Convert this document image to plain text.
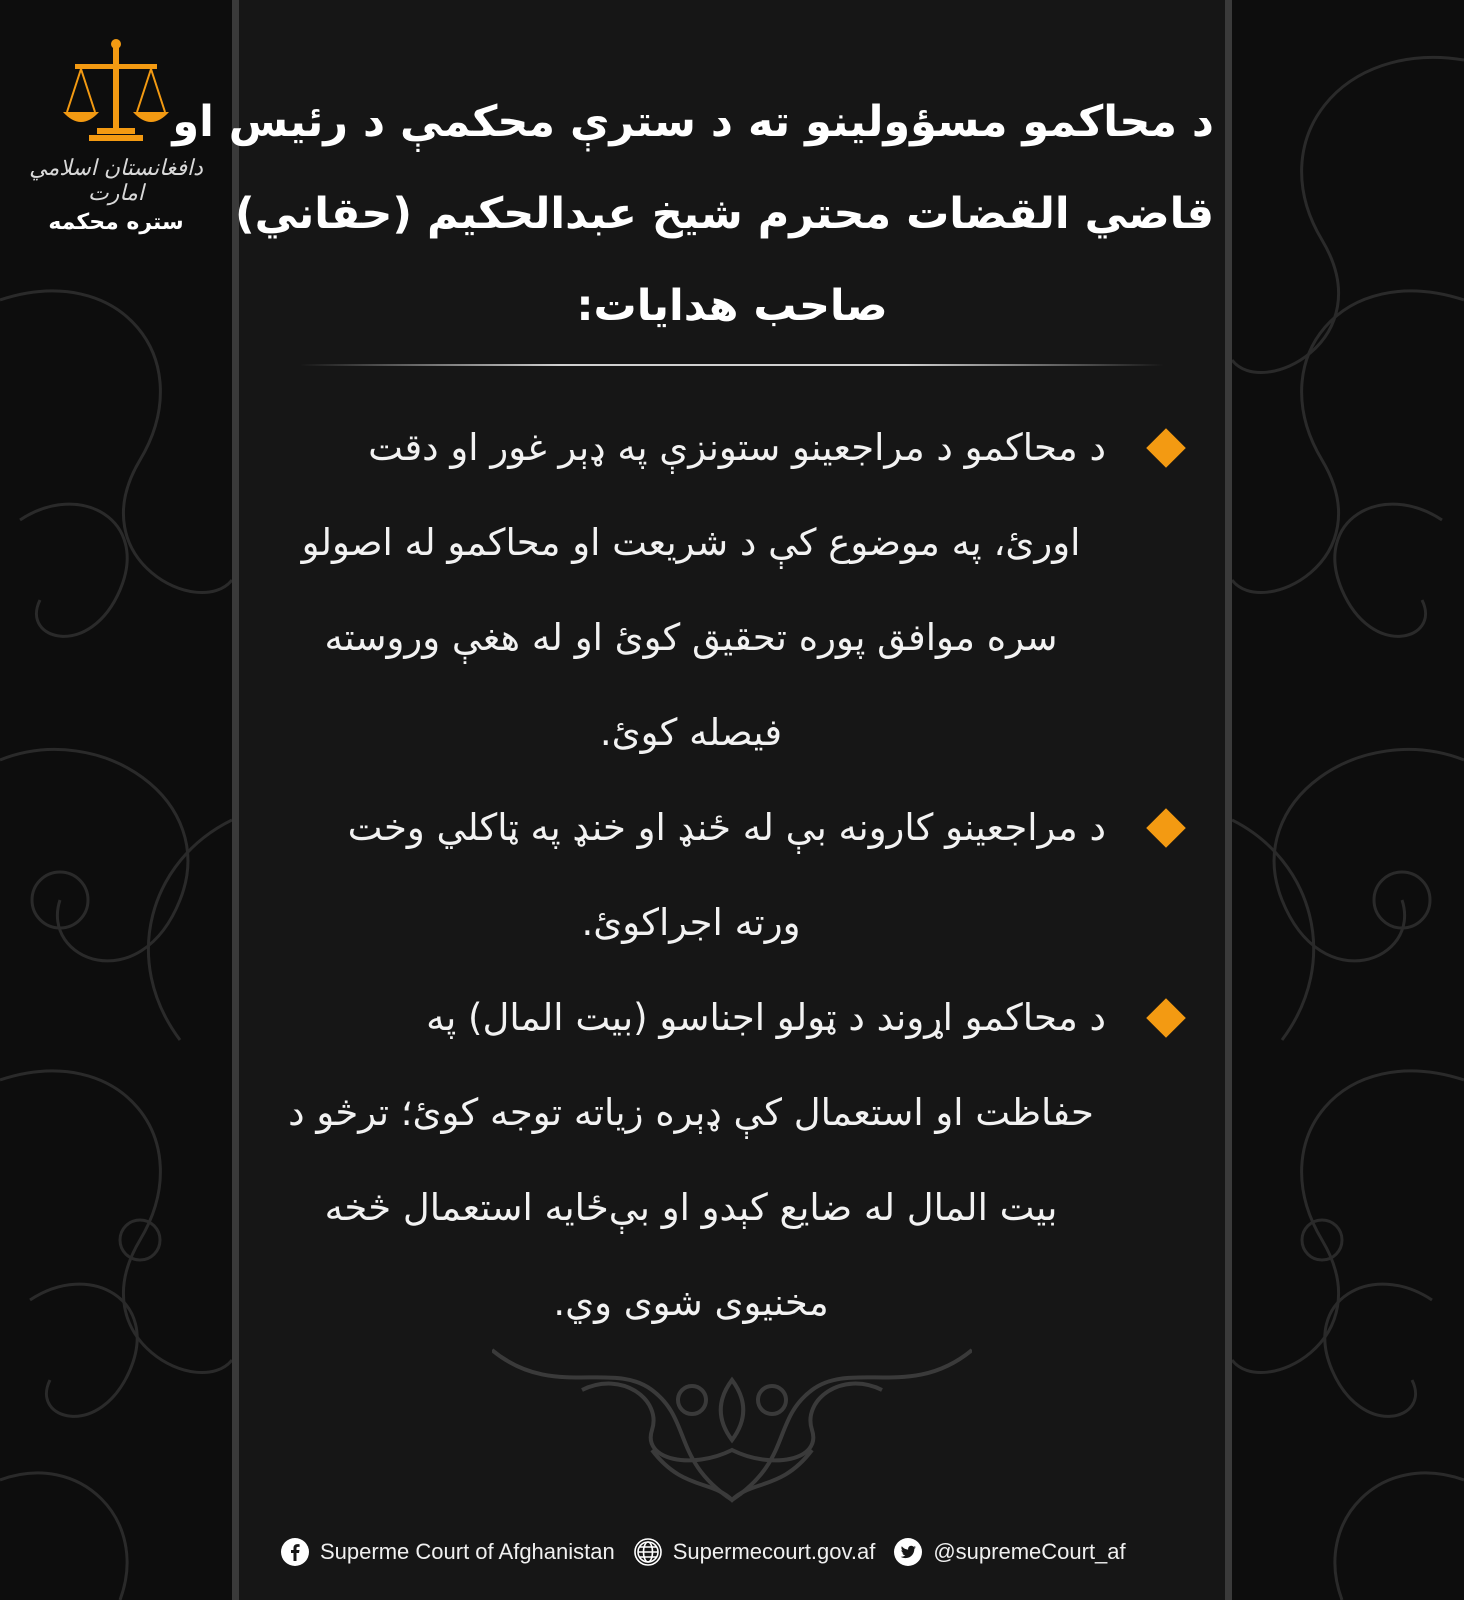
دافغانستان اسلامي امارت
ستره محکمه
د محاکمو مسؤولینو ته د سترې محکمې د رئیس او
قاضي القضات محترم شیخ عبدالحکیم (حقاني)
صاحب هدایات:
د محاکمو د مراجعینو ستونزې په ډېر غور او دقت
اورئ، په موضوع کې د شریعت او محاکمو له اصولو
سره موافق پوره تحقیق کوئ او له هغې وروسته
فیصله کوئ.
د مراجعینو کارونه بې له ځنډ او خنډ په ټاکلي وخت
ورته اجراکوئ.
د محاکمو اړوند د ټولو اجناسو (بیت المال) په
حفاظت او استعمال کې ډېره زیاته توجه کوئ؛ ترڅو د
بیت المال له ضایع کېدو او بې‌ځایه استعمال څخه
مخنیوی شوی وي.
Superme Court of Afghanistan	Supermecourt.gov.af	@supremeCourt_af
